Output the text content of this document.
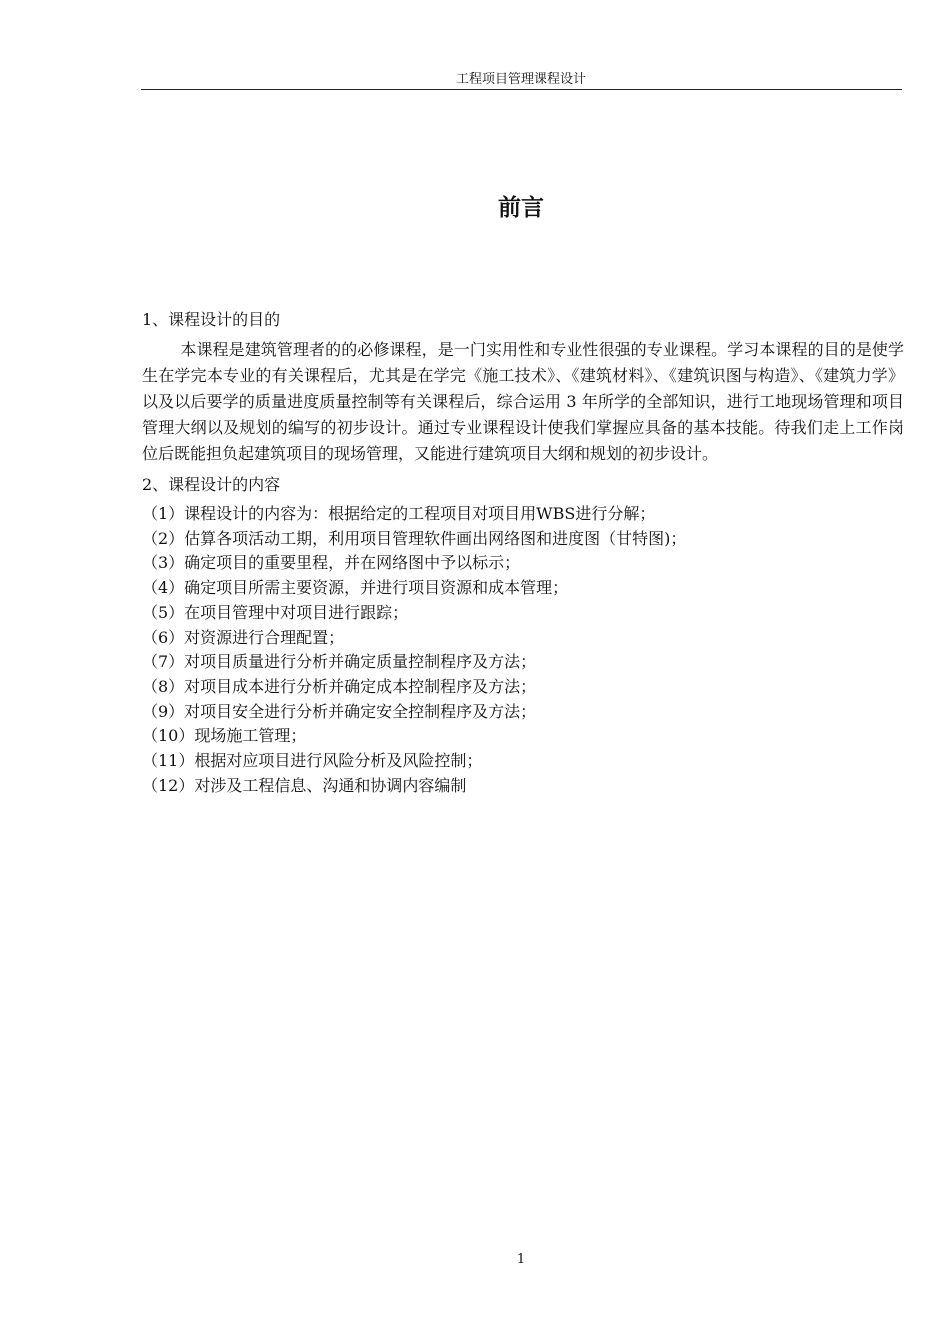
工程项目管理课程设计
前言
1、课程设计的目的

本课程是建筑管理者的的必修课程，是一门实用性和专业性很强的专业课程。学习本课程的目的是使学生在学完本专业的有关课程后，尤其是在学完《施工技术》、《建筑材料》、《建筑识图与构造》、《建筑力学》以及以后要学的质量进度质量控制等有关课程后，综合运用 3 年所学的全部知识，进行工地现场管理和项目管理大纲以及规划的编写的初步设计。通过专业课程设计使我们掌握应具备的基本技能。待我们走上工作岗位后既能担负起建筑项目的现场管理，又能进行建筑项目大纲和规划的初步设计。

2、课程设计的内容
（1）课程设计的内容为：根据给定的工程项目对项目用WBS进行分解；
（2）估算各项活动工期，利用项目管理软件画出网络图和进度图（甘特图)；
（3）确定项目的重要里程，并在网络图中予以标示；
（4）确定项目所需主要资源，并进行项目资源和成本管理；
（5）在项目管理中对项目进行跟踪；
（6）对资源进行合理配置；
（7）对项目质量进行分析并确定质量控制程序及方法；
（8）对项目成本进行分析并确定成本控制程序及方法；
（9）对项目安全进行分析并确定安全控制程序及方法；
（10）现场施工管理；
（11）根据对应项目进行风险分析及风险控制；
（12）对涉及工程信息、沟通和协调内容编制
1
